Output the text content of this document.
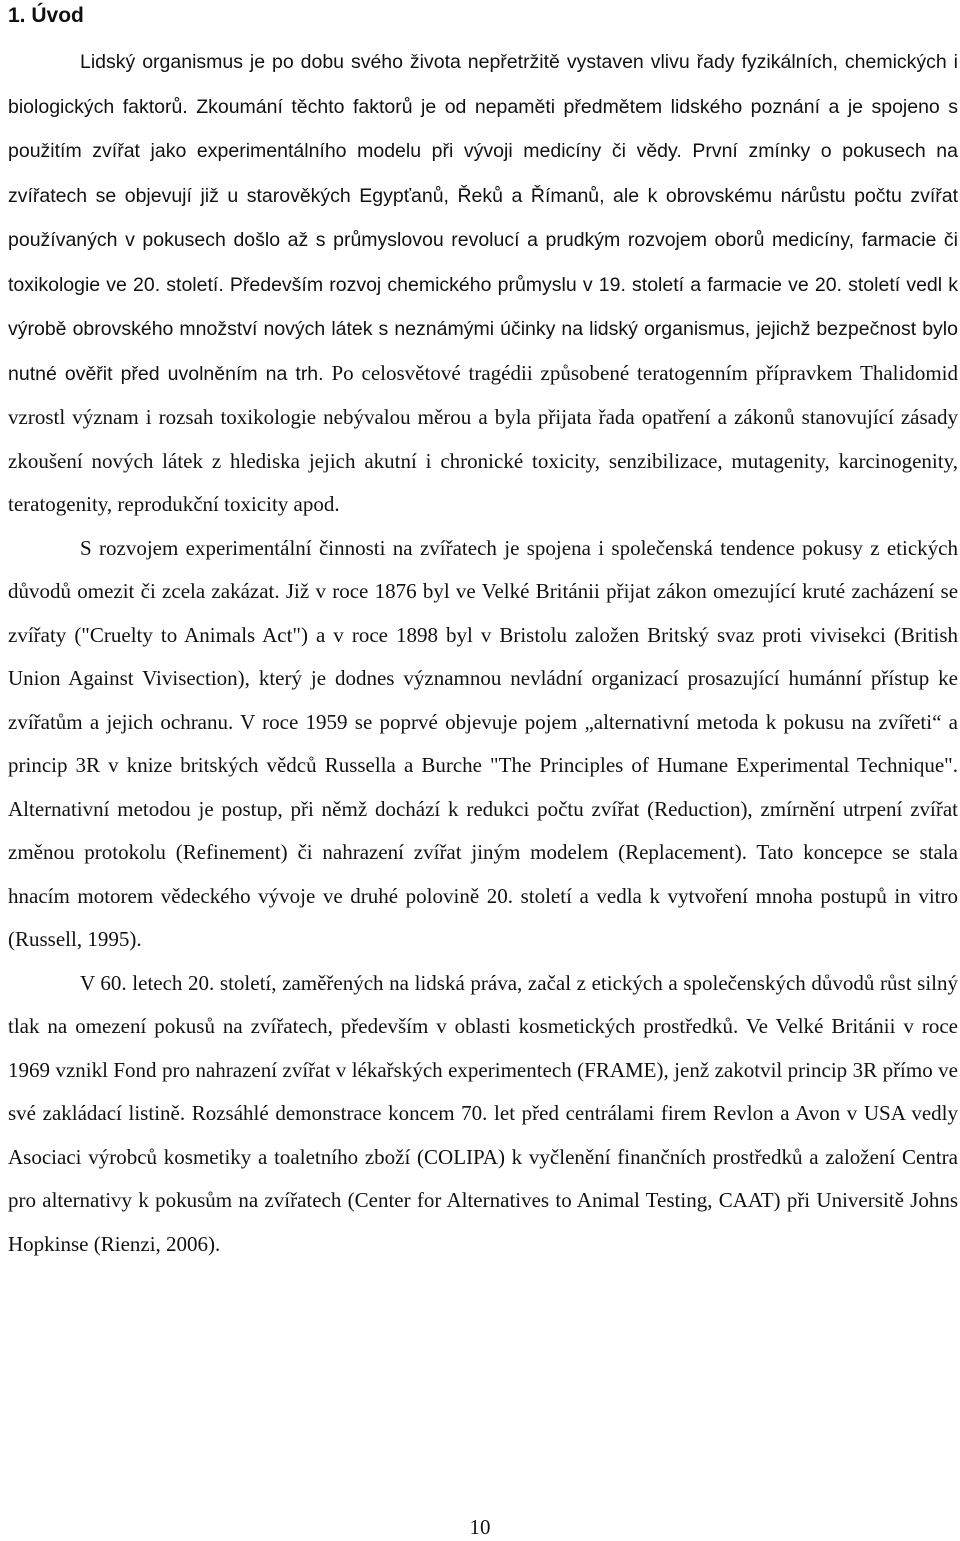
1. Úvod

Lidský organismus je po dobu svého života nepřetržitě vystaven vlivu řady fyzikálních, chemických i biologických faktorů. Zkoumání těchto faktorů je od nepaměti předmětem lidského poznání a je spojeno s použitím zvířat jako experimentálního modelu při vývoji medicíny či vědy. První zmínky o pokusech na zvířatech se objevují již u starověkých Egypťanů, Řeků a Římanů, ale k obrovskému nárůstu počtu zvířat používaných v pokusech došlo až s průmyslovou revolucí a prudkým rozvojem oborů medicíny, farmacie či toxikologie ve 20. století. Především rozvoj chemického průmyslu v 19. století a farmacie ve 20. století vedl k výrobě obrovského množství nových látek s neznámými účinky na lidský organismus, jejichž bezpečnost bylo nutné ověřit před uvolněním na trh. Po celosvětové tragédii způsobené teratogenním přípravkem Thalidomid vzrostl význam i rozsah toxikologie nebývalou měrou a byla přijata řada opatření a zákonů stanovující zásady zkoušení nových látek z hlediska jejich akutní i chronické toxicity, senzibilizace, mutagenity, karcinogenity, teratogenity, reprodukční toxicity apod.

S rozvojem experimentální činnosti na zvířatech je spojena i společenská tendence pokusy z etických důvodů omezit či zcela zakázat. Již v roce 1876 byl ve Velké Británii přijat zákon omezující kruté zacházení se zvířaty ("Cruelty to Animals Act") a v roce 1898 byl v Bristolu založen Britský svaz proti vivisekci (British Union Against Vivisection), který je dodnes významnou nevládní organizací prosazující humánní přístup ke zvířatům a jejich ochranu. V roce 1959 se poprvé objevuje pojem „alternativní metoda k pokusu na zvířeti“ a princip 3R v knize britských vědců Russella a Burche "The Principles of Humane Experimental Technique". Alternativní metodou je postup, při němž dochází k redukci počtu zvířat (Reduction), zmírnění utrpení zvířat změnou protokolu (Refinement) či nahrazení zvířat jiným modelem (Replacement). Tato koncepce se stala hnacím motorem vědeckého vývoje ve druhé polovině 20. století a vedla k vytvoření mnoha postupů in vitro (Russell, 1995).

V 60. letech 20. století, zaměřených na lidská práva, začal z etických a společenských důvodů růst silný tlak na omezení pokusů na zvířatech, především v oblasti kosmetických prostředků. Ve Velké Británii v roce 1969 vznikl Fond pro nahrazení zvířat v lékařských experimentech (FRAME), jenž zakotvil princip 3R přímo ve své zakládací listině. Rozsáhlé demonstrace koncem 70. let před centrálami firem Revlon a Avon v USA vedly Asociaci výrobců kosmetiky a toaletního zboží (COLIPA) k vyčlenění finančních prostředků a založení Centra pro alternativy k pokusům na zvířatech (Center for Alternatives to Animal Testing, CAAT) při Universitě Johns Hopkinse (Rienzi, 2006).

10
